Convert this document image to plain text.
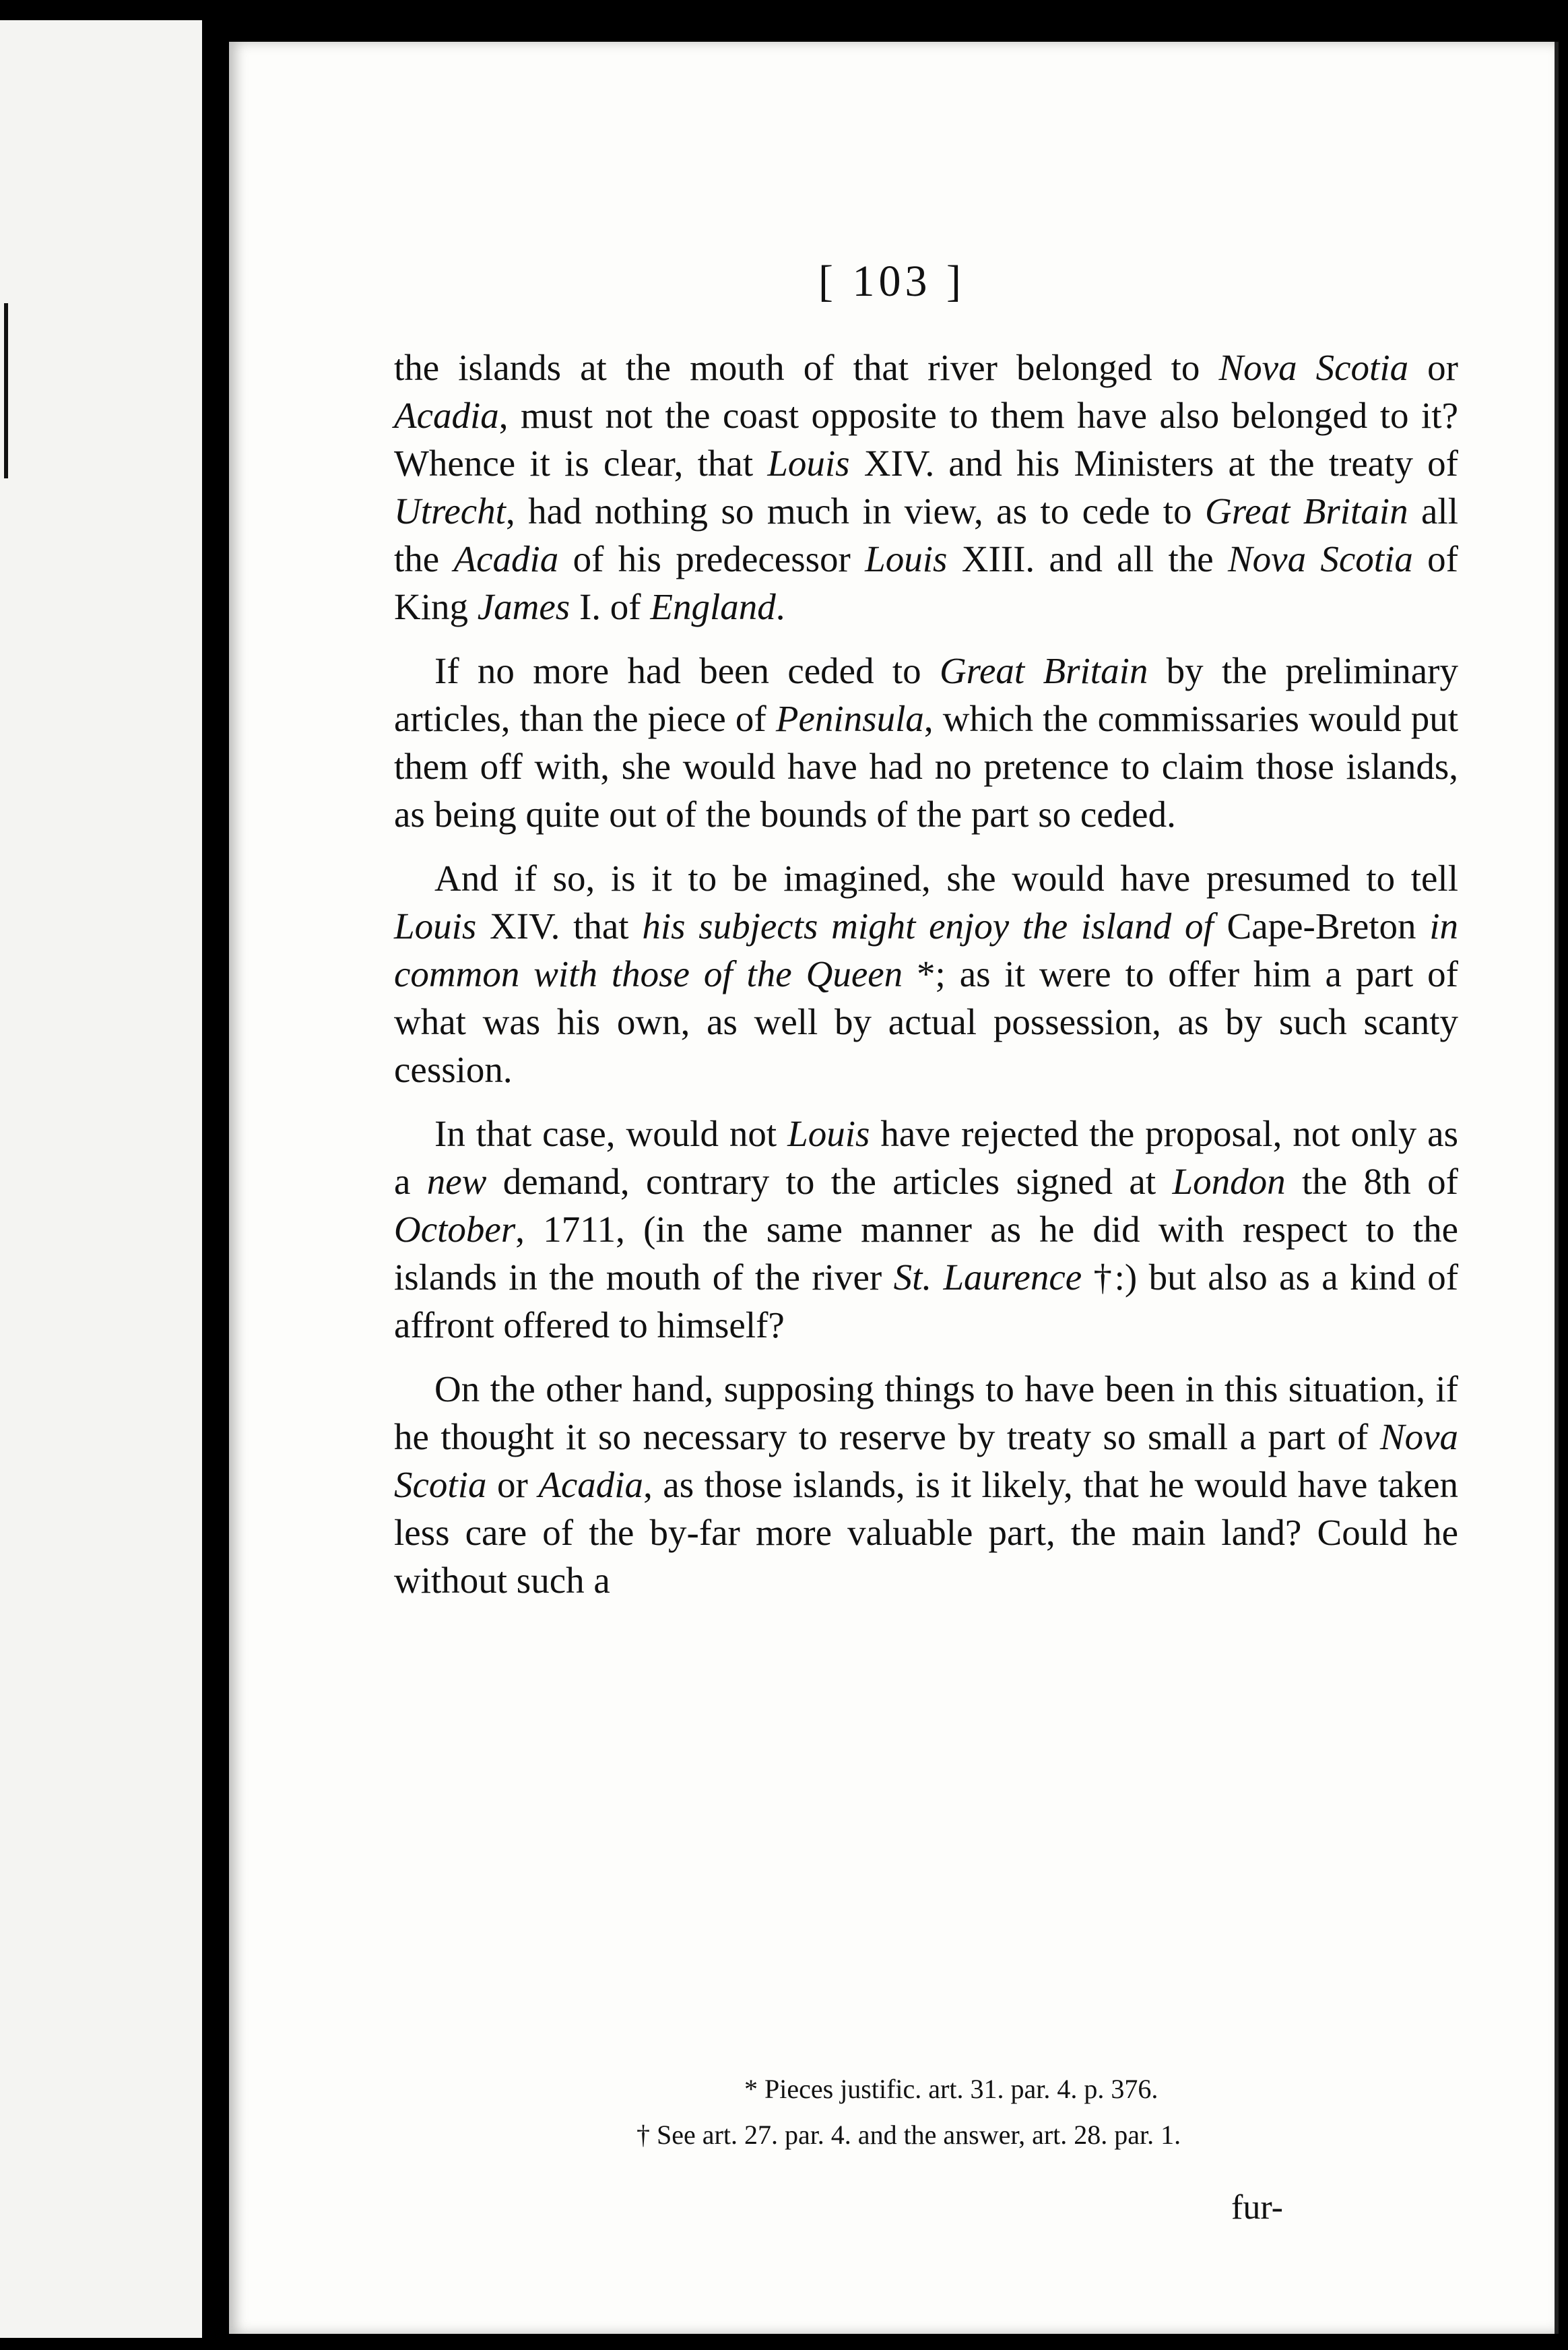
[ 103 ]

the islands at the mouth of that river belonged to Nova Scotia or Acadia, must not the coast opposite to them have also belonged to it? Whence it is clear, that Louis XIV. and his Ministers at the treaty of Utrecht, had nothing so much in view, as to cede to Great Britain all the Acadia of his predecessor Louis XIII. and all the Nova Scotia of King James I. of England.

If no more had been ceded to Great Britain by the preliminary articles, than the piece of Peninsula, which the commissaries would put them off with, she would have had no pretence to claim those islands, as being quite out of the bounds of the part so ceded.

And if so, is it to be imagined, she would have presumed to tell Louis XIV. that his subjects might enjoy the island of Cape-Breton in common with those of the Queen *; as it were to offer him a part of what was his own, as well by actual possession, as by such scanty cession.

In that case, would not Louis have rejected the proposal, not only as a new demand, contrary to the articles signed at London the 8th of October, 1711, (in the same manner as he did with respect to the islands in the mouth of the river St. Laurence †:) but also as a kind of affront offered to himself?

On the other hand, supposing things to have been in this situation, if he thought it so necessary to reserve by treaty so small a part of Nova Scotia or Acadia, as those islands, is it likely, that he would have taken less care of the by-far more valuable part, the main land? Could he without such a

* Pieces justific. art. 31. par. 4. p. 376.

† See art. 27. par. 4. and the answer, art. 28. par. 1.

fur-
